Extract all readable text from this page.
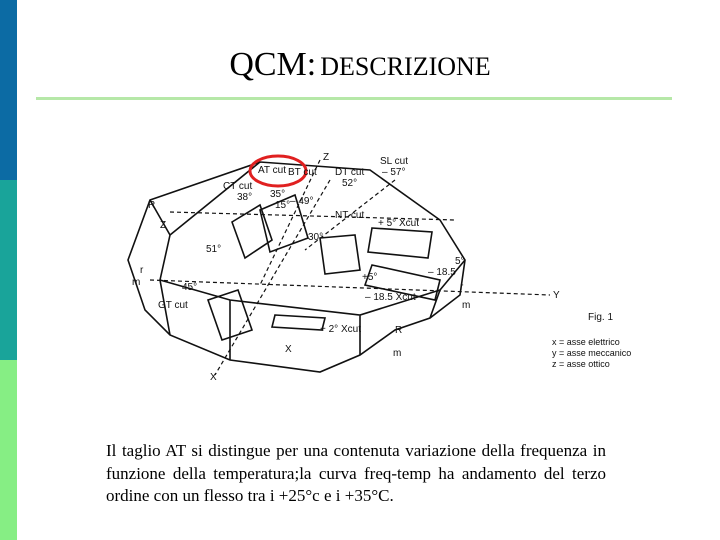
QCM: DESCRIZIONE
AT cut BT cut DT cut
SL cut
– 57°
52°
CT cut
38° 35°
15° – 49°
NT cut
Z
Z
R
r
m
51°
45°
30°
GT cut
+ 5° Xcut
+5°
5°
– 18.5
r
– 18.5 Xcut
m
+ 2° Xcut	R
X	m
X
Y
Fig. 1
x = asse elettrico
y = asse meccanico
z = asse ottico
Il taglio AT si distingue per una contenuta variazione della frequenza in funzione della temperatura;la curva freq-temp ha andamento del terzo ordine con un flesso tra i +25°c e i +35°C.
